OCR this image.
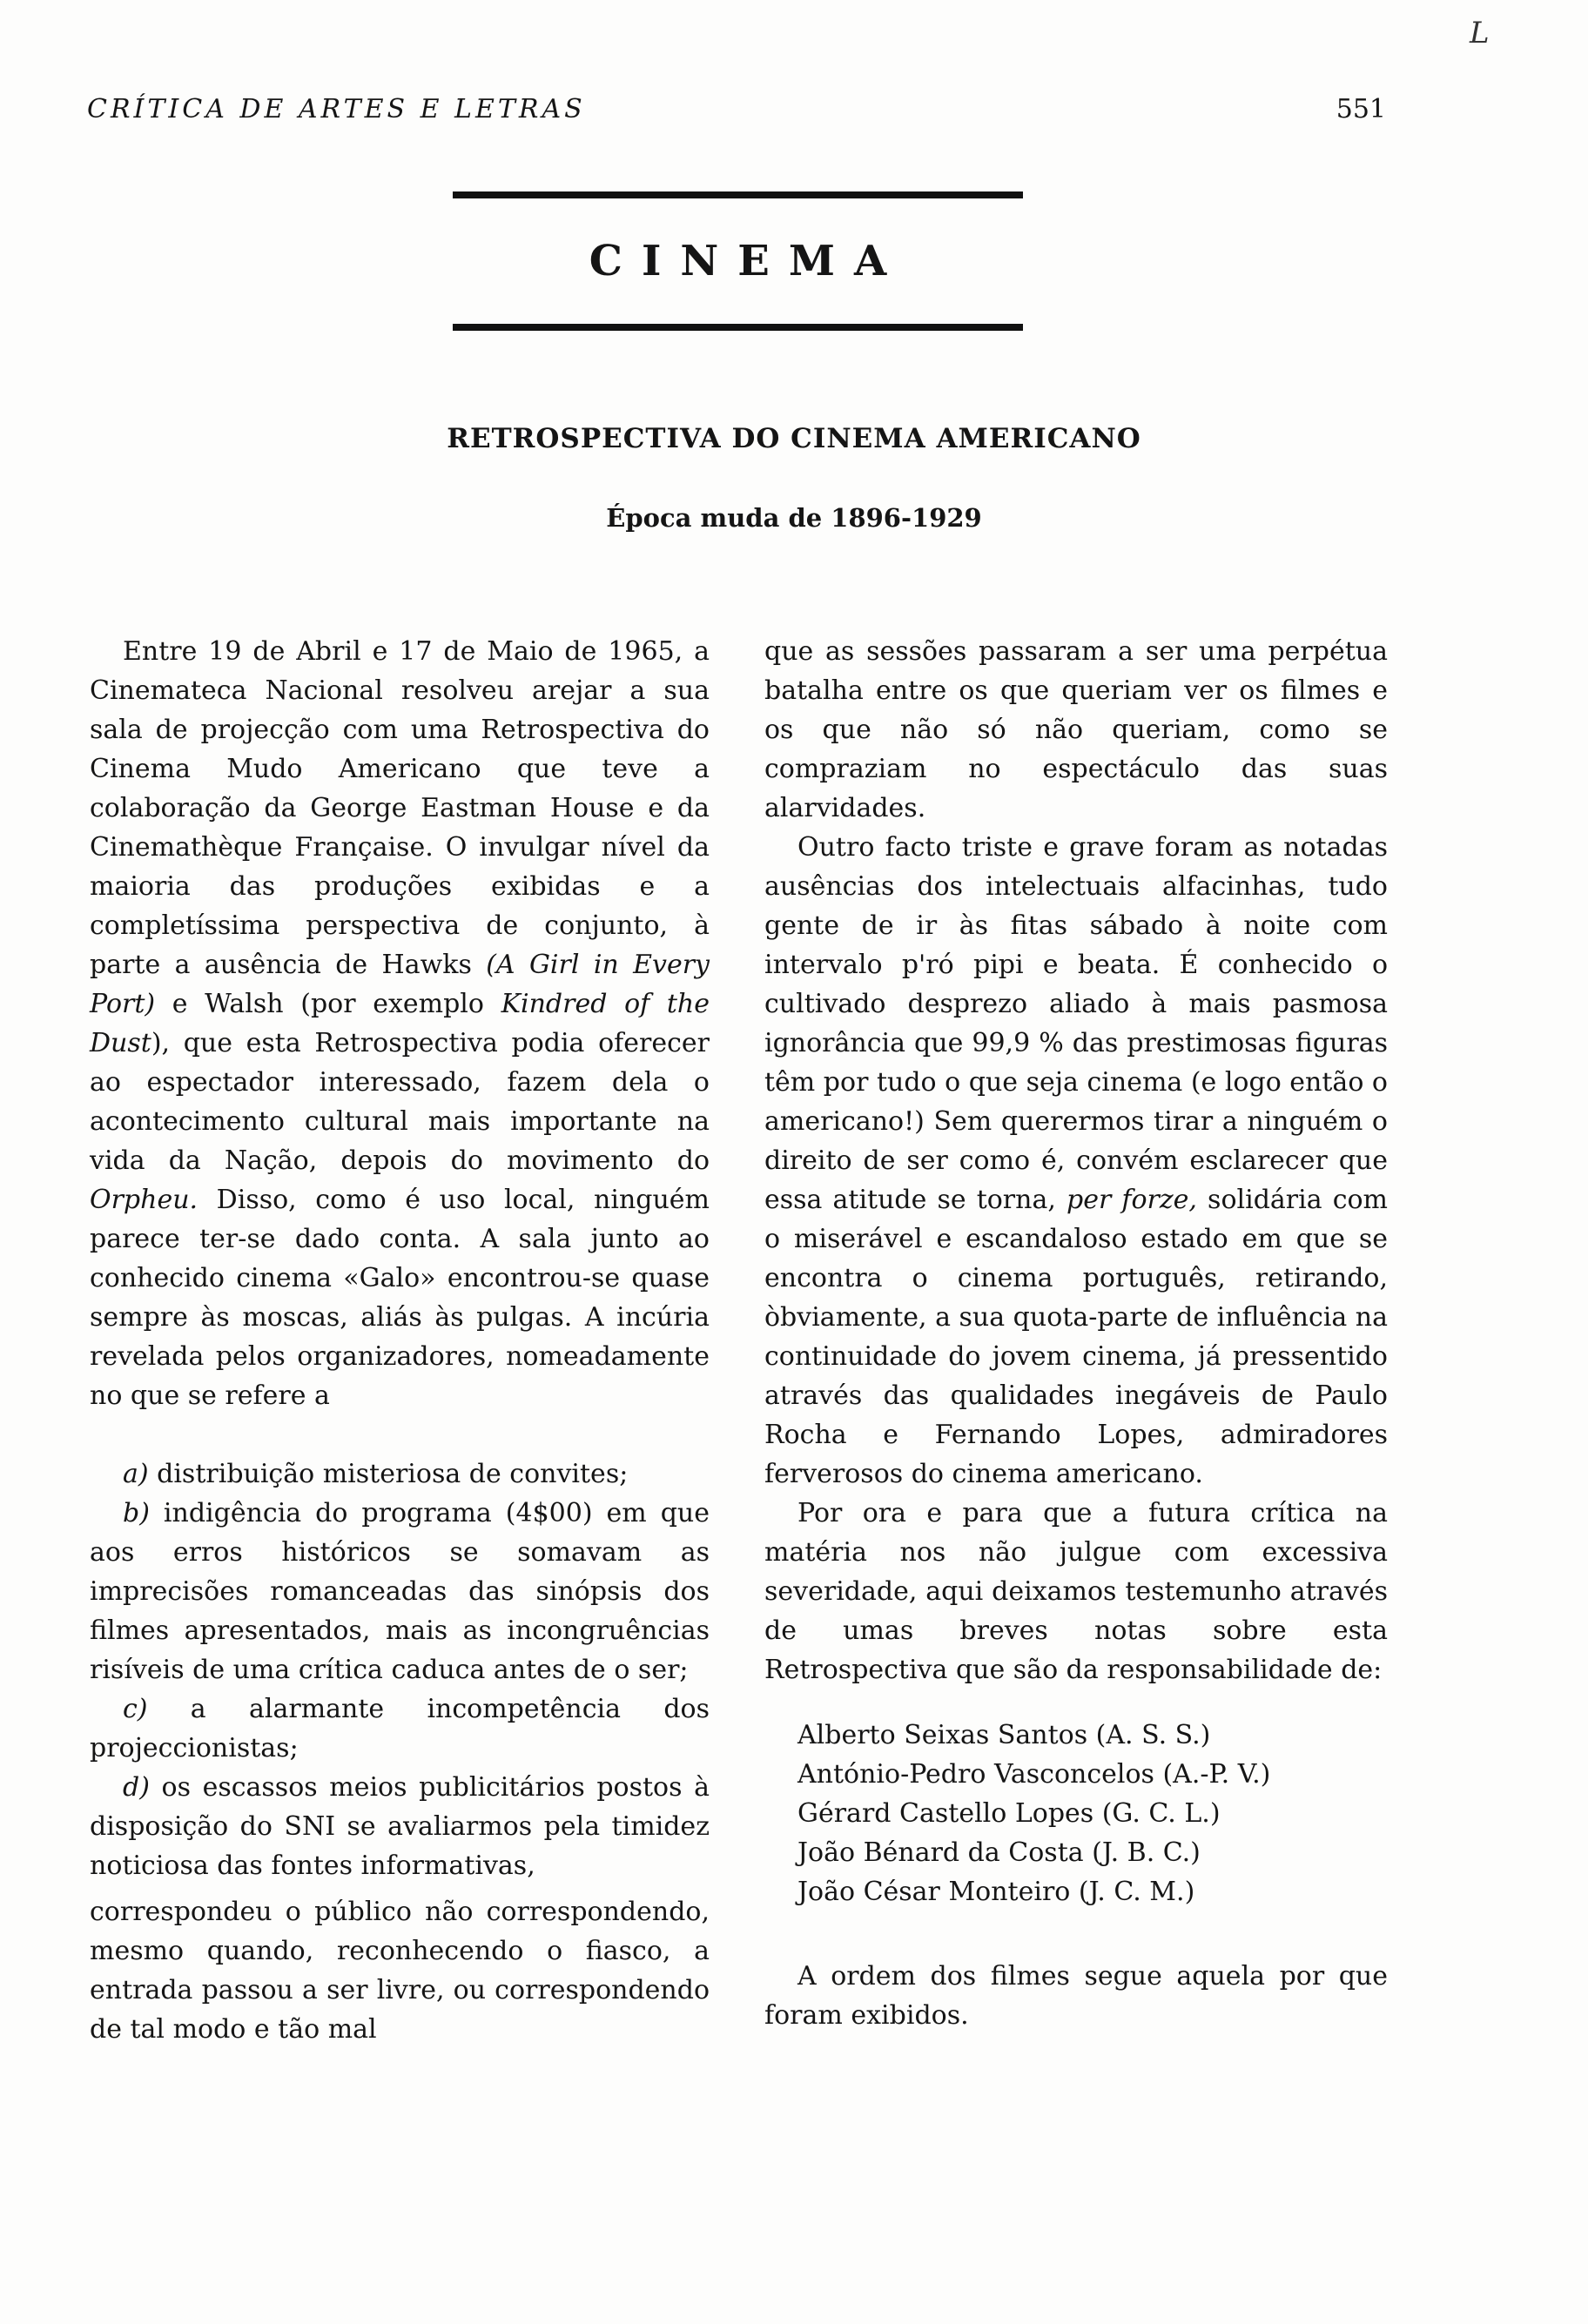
CRÍTICA DE ARTES E LETRAS	551
L
CINEMA
RETROSPECTIVA DO CINEMA AMERICANO
Época muda de 1896-1929

Entre 19 de Abril e 17 de Maio de 1965, a Cinemateca Nacional resolveu arejar a sua sala de projecção com uma Retrospectiva do Cinema Mudo Americano que teve a colaboração da George Eastman House e da Cinemathèque Française. O invulgar nível da maioria das produções exibidas e a completíssima perspectiva de conjunto, à parte a ausência de Hawks (A Girl in Every Port) e Walsh (por exemplo Kindred of the Dust), que esta Retrospectiva podia oferecer ao espectador interessado, fazem dela o acontecimento cultural mais importante na vida da Nação, depois do movimento do Orpheu. Disso, como é uso local, ninguém parece ter-se dado conta. A sala junto ao conhecido cinema «Galo» encontrou-se quase sempre às moscas, aliás às pulgas. A incúria revelada pelos organizadores, nomeadamente no que se refere a

a) distribuição misteriosa de convites;

b) indigência do programa (4$00) em que aos erros históricos se somavam as imprecisões romanceadas das sinópsis dos filmes apresentados, mais as incongruências risíveis de uma crítica caduca antes de o ser;

c) a alarmante incompetência dos projeccionistas;

d) os escassos meios publicitários postos à disposição do SNI se avaliarmos pela timidez noticiosa das fontes informativas,

correspondeu o público não correspondendo, mesmo quando, reconhecendo o fiasco, a entrada passou a ser livre, ou correspondendo de tal modo e tão mal

que as sessões passaram a ser uma perpétua batalha entre os que queriam ver os filmes e os que não só não queriam, como se compraziam no espectáculo das suas alarvidades.

Outro facto triste e grave foram as notadas ausências dos intelectuais alfacinhas, tudo gente de ir às fitas sábado à noite com intervalo p'ró pipi e beata. É conhecido o cultivado desprezo aliado à mais pasmosa ignorância que 99,9 % das prestimosas figuras têm por tudo o que seja cinema (e logo então o americano!) Sem querermos tirar a ninguém o direito de ser como é, convém esclarecer que essa atitude se torna, per forze, solidária com o miserável e escandaloso estado em que se encontra o cinema português, retirando, òbviamente, a sua quota-parte de influência na continuidade do jovem cinema, já pressentido através das qualidades inegáveis de Paulo Rocha e Fernando Lopes, admiradores ferverosos do cinema americano.

Por ora e para que a futura crítica na matéria nos não julgue com excessiva severidade, aqui deixamos testemunho através de umas breves notas sobre esta Retrospectiva que são da responsabilidade de:

Alberto Seixas Santos (A. S. S.)
António-Pedro Vasconcelos (A.-P. V.)
Gérard Castello Lopes (G. C. L.)
João Bénard da Costa (J. B. C.)
João César Monteiro (J. C. M.)

A ordem dos filmes segue aquela por que foram exibidos.
